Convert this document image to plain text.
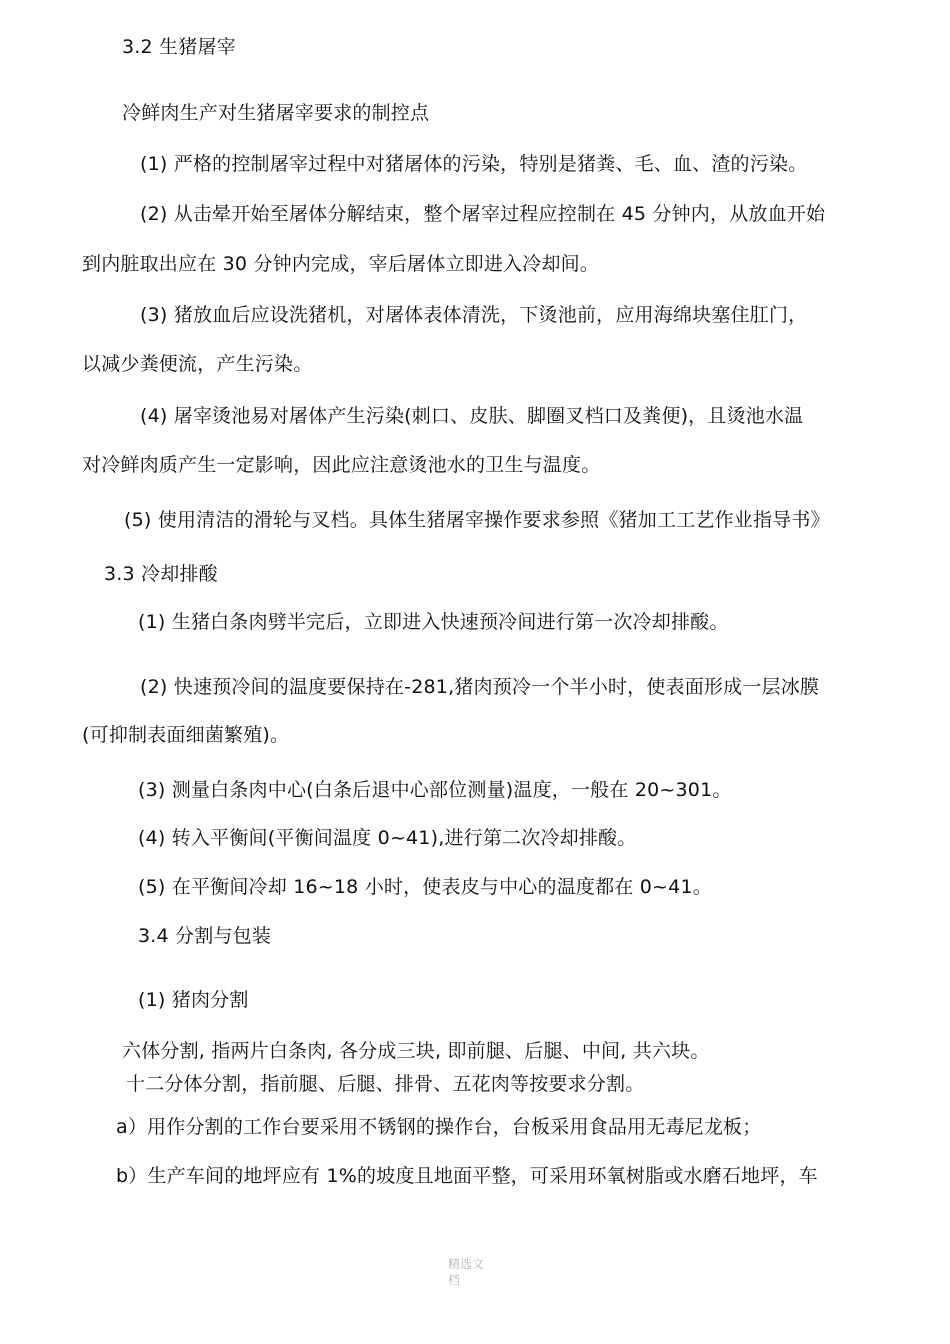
3.2 生猪屠宰
冷鲜肉生产对生猪屠宰要求的制控点
(1) 严格的控制屠宰过程中对猪屠体的污染，特别是猪粪、毛、血、渣的污染。
(2) 从击晕开始至屠体分解结束，整个屠宰过程应控制在 45 分钟内，从放血开始
到内脏取出应在 30 分钟内完成，宰后屠体立即进入冷却间。
(3) 猪放血后应设洗猪机，对屠体表体清洗，下烫池前，应用海绵块塞住肛门，
以减少粪便流，产生污染。
(4) 屠宰烫池易对屠体产生污染(刺口、皮肤、脚圈叉档口及粪便)，且烫池水温
对冷鲜肉质产生一定影响，因此应注意烫池水的卫生与温度。
(5) 使用清洁的滑轮与叉档。具体生猪屠宰操作要求参照《猪加工工艺作业指导书》
3.3 冷却排酸
(1) 生猪白条肉劈半完后，立即进入快速预冷间进行第一次冷却排酸。
(2) 快速预冷间的温度要保持在-281,猪肉预冷一个半小时，使表面形成一层冰膜
(可抑制表面细菌繁殖)。
(3) 测量白条肉中心(白条后退中心部位测量)温度，一般在 20~301。
(4) 转入平衡间(平衡间温度 0~41),进行第二次冷却排酸。
(5) 在平衡间冷却 16~18 小时，使表皮与中心的温度都在 0~41。
3.4 分割与包装
(1) 猪肉分割
六体分割, 指两片白条肉, 各分成三块, 即前腿、后腿、中间, 共六块。
十二分体分割，指前腿、后腿、排骨、五花肉等按要求分割。
a）用作分割的工作台要采用不锈钢的操作台，台板采用食品用无毒尼龙板；
b）生产车间的地坪应有 1%的坡度且地面平整，可采用环氧树脂或水磨石地坪，车
精选文档
